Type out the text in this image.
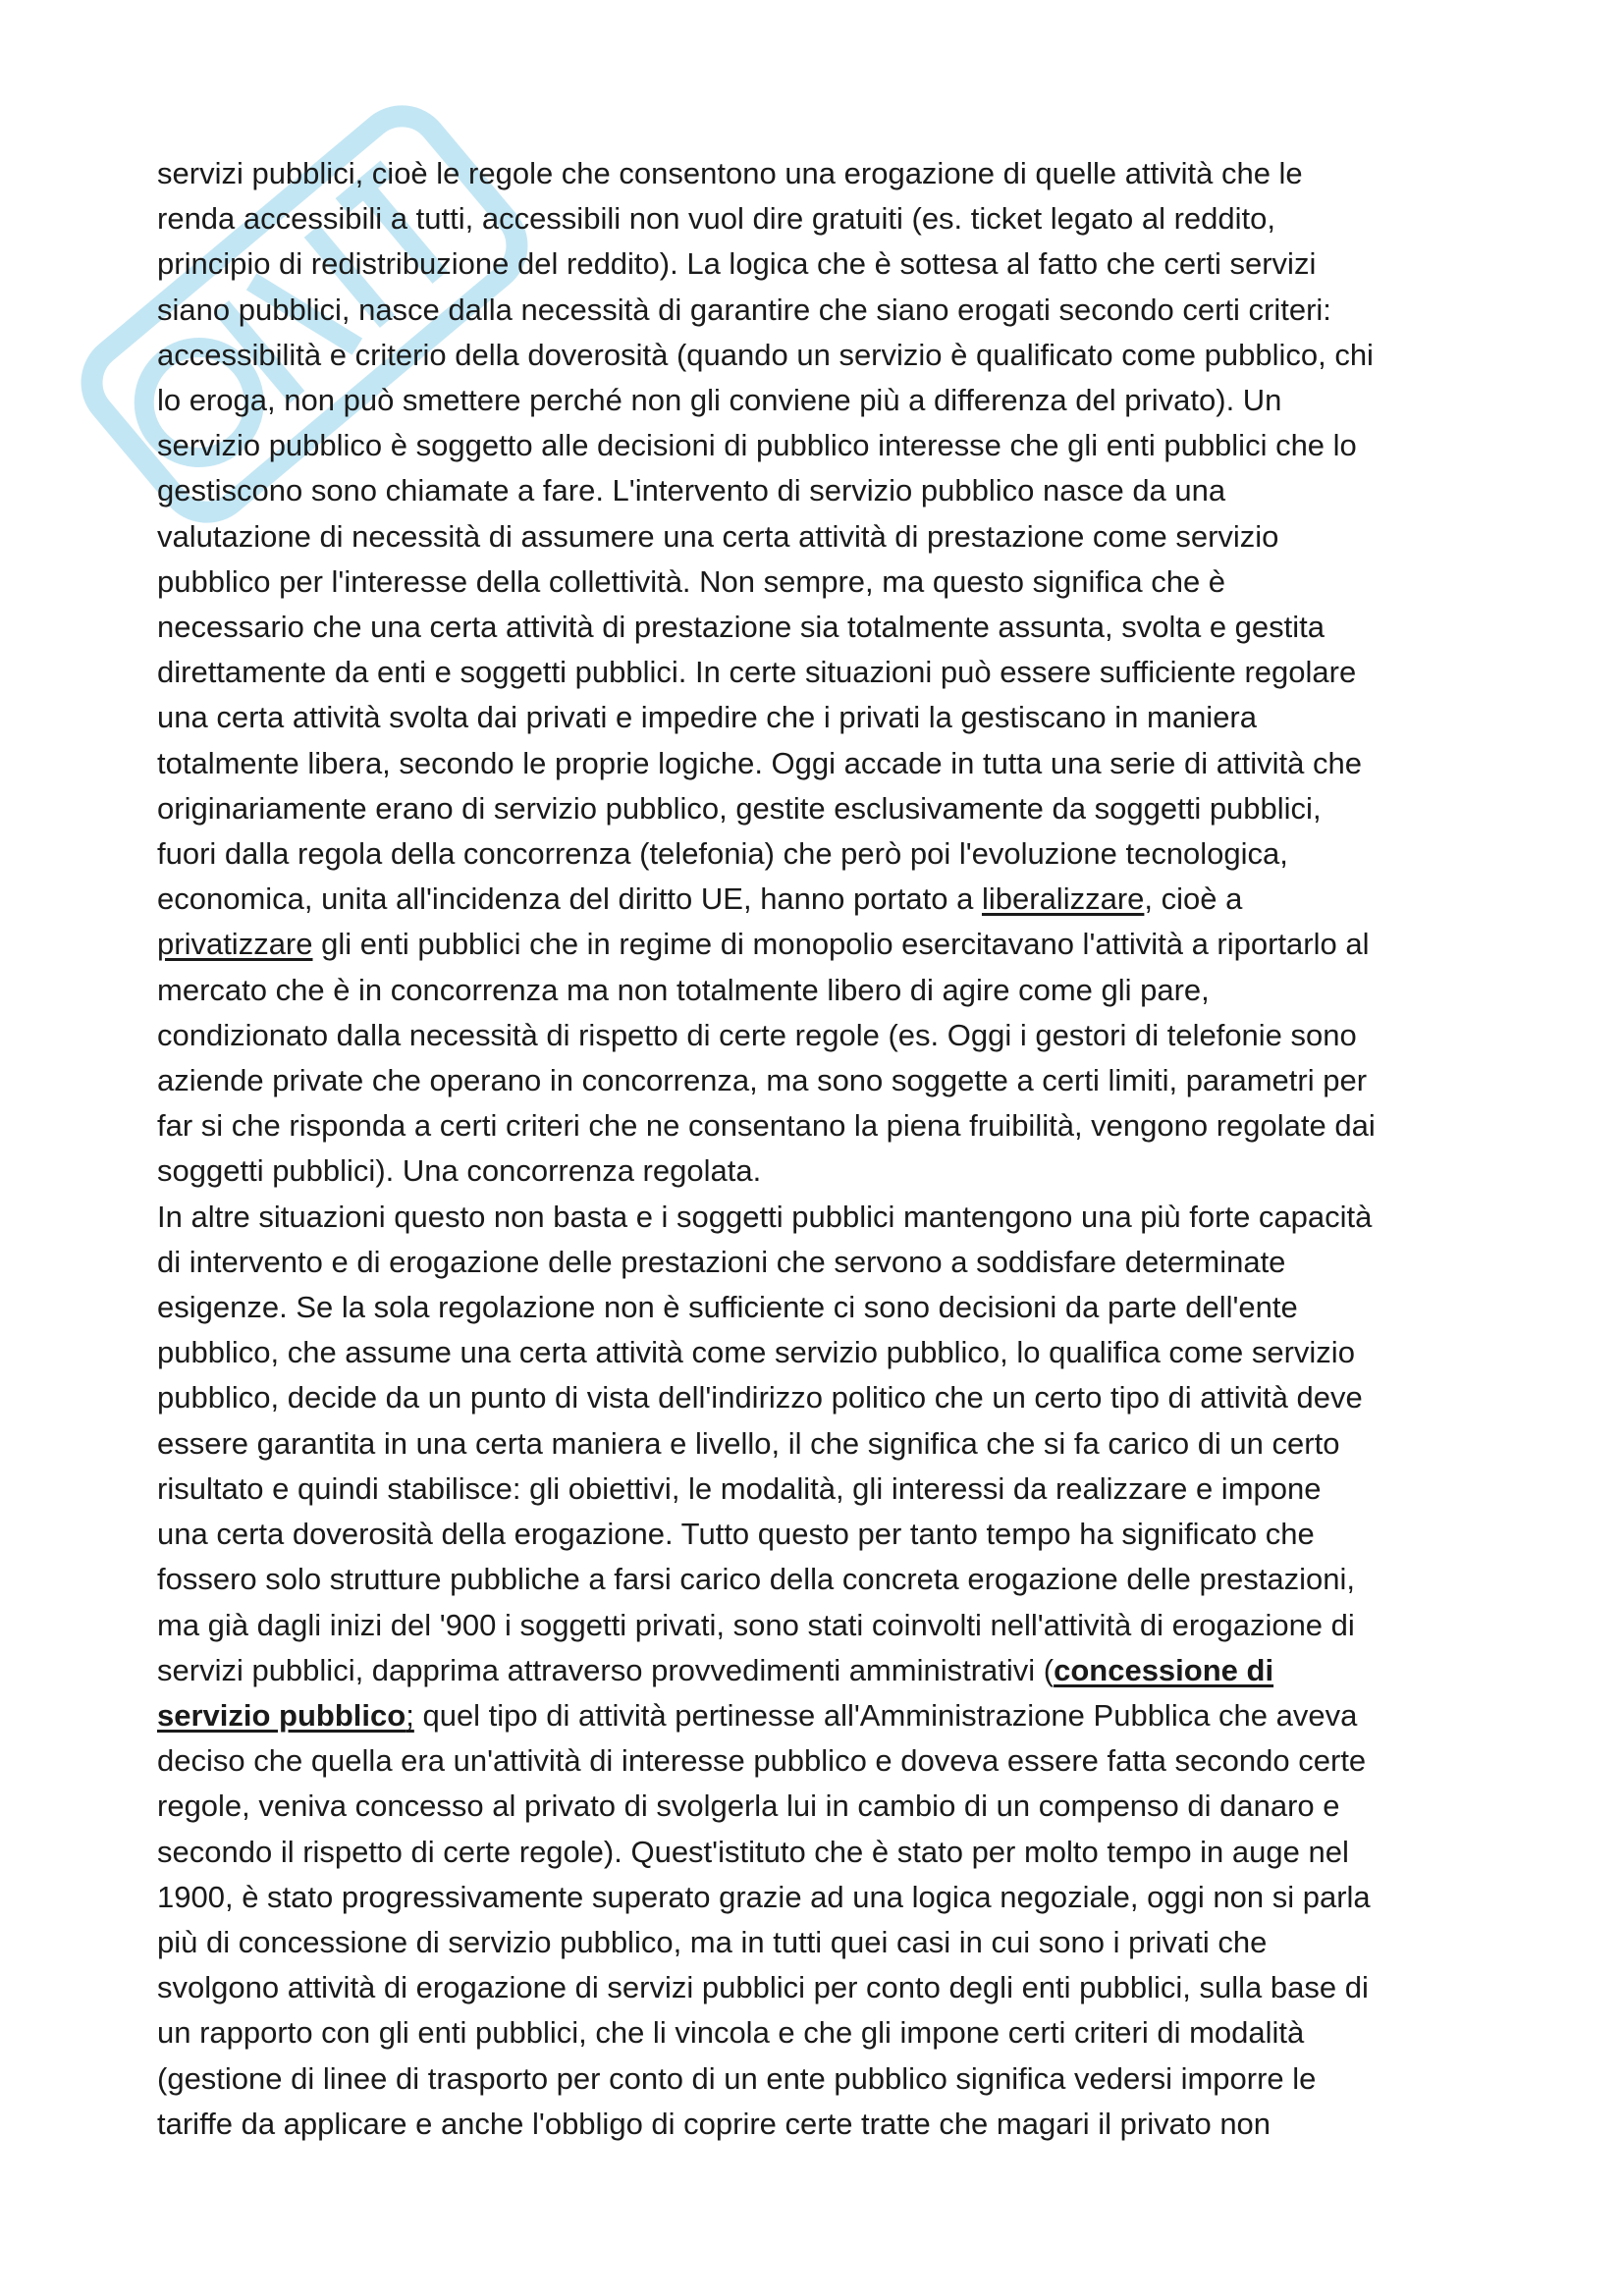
servizi pubblici, cioè le regole che consentono una erogazione di quelle attività che le
renda accessibili a tutti, accessibili non vuol dire gratuiti (es. ticket legato al reddito,
principio di redistribuzione del reddito). La logica che è sottesa al fatto che certi servizi
siano pubblici, nasce dalla necessità di garantire che siano erogati secondo certi criteri:
accessibilità e criterio della doverosità (quando un servizio è qualificato come pubblico, chi
lo eroga, non può smettere perché non gli conviene più a differenza del privato). Un
servizio pubblico è soggetto alle decisioni di pubblico interesse che gli enti pubblici che lo
gestiscono sono chiamate a fare. L'intervento di servizio pubblico nasce da una
valutazione di necessità di assumere una certa attività di prestazione come servizio
pubblico per l'interesse della collettività. Non sempre, ma questo significa che è
necessario che una certa attività di prestazione sia totalmente assunta, svolta e gestita
direttamente da enti e soggetti pubblici. In certe situazioni può essere sufficiente regolare
una certa attività svolta dai privati e impedire che i privati la gestiscano in maniera
totalmente libera, secondo le proprie logiche. Oggi accade in tutta una serie di attività che
originariamente erano di servizio pubblico, gestite esclusivamente da soggetti pubblici,
fuori dalla regola della concorrenza (telefonia) che però poi l'evoluzione tecnologica,
economica, unita all'incidenza del diritto UE, hanno portato a liberalizzare, cioè a
privatizzare gli enti pubblici che in regime di monopolio esercitavano l'attività a riportarlo al
mercato che è in concorrenza ma non totalmente libero di agire come gli pare,
condizionato dalla necessità di rispetto di certe regole (es. Oggi i gestori di telefonie sono
aziende private che operano in concorrenza, ma sono soggette a certi limiti, parametri per
far si che risponda a certi criteri che ne consentano la piena fruibilità, vengono regolate dai
soggetti pubblici). Una concorrenza regolata.
In altre situazioni questo non basta e i soggetti pubblici mantengono una più forte capacità
di intervento e di erogazione delle prestazioni che servono a soddisfare determinate
esigenze. Se la sola regolazione non è sufficiente ci sono decisioni da parte dell'ente
pubblico, che assume una certa attività come servizio pubblico, lo qualifica come servizio
pubblico, decide da un punto di vista dell'indirizzo politico che un certo tipo di attività deve
essere garantita in una certa maniera e livello, il che significa che si fa carico di un certo
risultato e quindi stabilisce: gli obiettivi, le modalità, gli interessi da realizzare e impone
una certa doverosità della erogazione. Tutto questo per tanto tempo ha significato che
fossero solo strutture pubbliche a farsi carico della concreta erogazione delle prestazioni,
ma già dagli inizi del '900 i soggetti privati, sono stati coinvolti nell'attività di erogazione di
servizi pubblici, dapprima attraverso provvedimenti amministrativi (concessione di
servizio pubblico; quel tipo di attività pertinesse all'Amministrazione Pubblica che aveva
deciso che quella era un'attività di interesse pubblico e doveva essere fatta secondo certe
regole, veniva concesso al privato di svolgerla lui in cambio di un compenso di danaro e
secondo il rispetto di certe regole). Quest'istituto che è stato per molto tempo in auge nel
1900, è stato progressivamente superato grazie ad una logica negoziale, oggi non si parla
più di concessione di servizio pubblico, ma in tutti quei casi in cui sono i privati che
svolgono attività di erogazione di servizi pubblici per conto degli enti pubblici, sulla base di
un rapporto con gli enti pubblici, che li vincola e che gli impone certi criteri di modalità
(gestione di linee di trasporto per conto di un ente pubblico significa vedersi imporre le
tariffe da applicare e anche l'obbligo di coprire certe tratte che magari il privato non
